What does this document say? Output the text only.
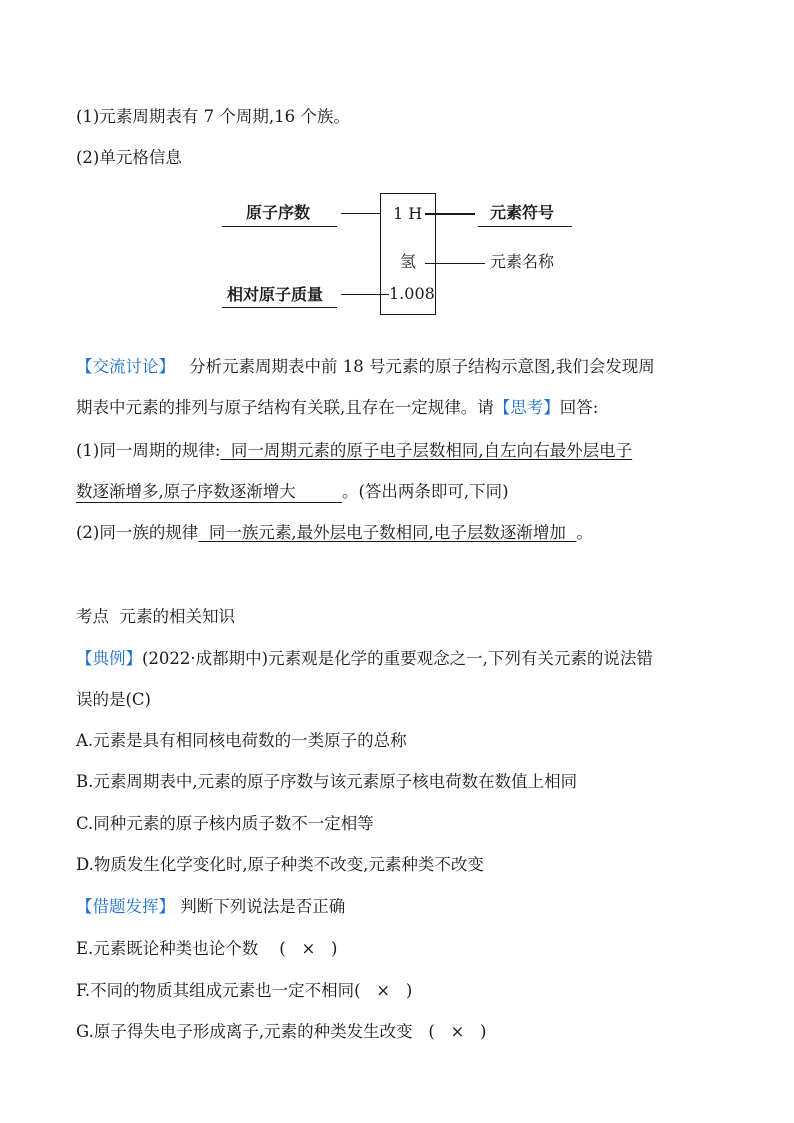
(1)元素周期表有 7 个周期,16 个族。
(2)单元格信息
原子序数
相对原子质量
1 H
氢
1.008
元素符号
元素名称
【交流讨论】 分析元素周期表中前 18 号元素的原子结构示意图,我们会发现周
期表中元素的排列与原子结构有关联,且存在一定规律。请【思考】回答:
(1)同一周期的规律:  同一周期元素的原子电子层数相同,自左向右最外层电子
数逐渐增多,原子序数逐渐增大	。(答出两条即可,下同)
(2)同一族的规律  同一族元素,最外层电子数相同,电子层数逐渐增加  。
考点  元素的相关知识
【典例】(2022·成都期中)元素观是化学的重要观念之一,下列有关元素的说法错
误的是(C)
A.元素是具有相同核电荷数的一类原子的总称
B.元素周期表中,元素的原子序数与该元素原子核电荷数在数值上相同
C.同种元素的原子核内质子数不一定相等
D.物质发生化学变化时,原子种类不改变,元素种类不改变
【借题发挥】 判断下列说法是否正确
E.元素既论种类也论个数    (   ×   )
F.不同的物质其组成元素也一定不相同(   ×   )
G.原子得失电子形成离子,元素的种类发生改变   (   ×   )
